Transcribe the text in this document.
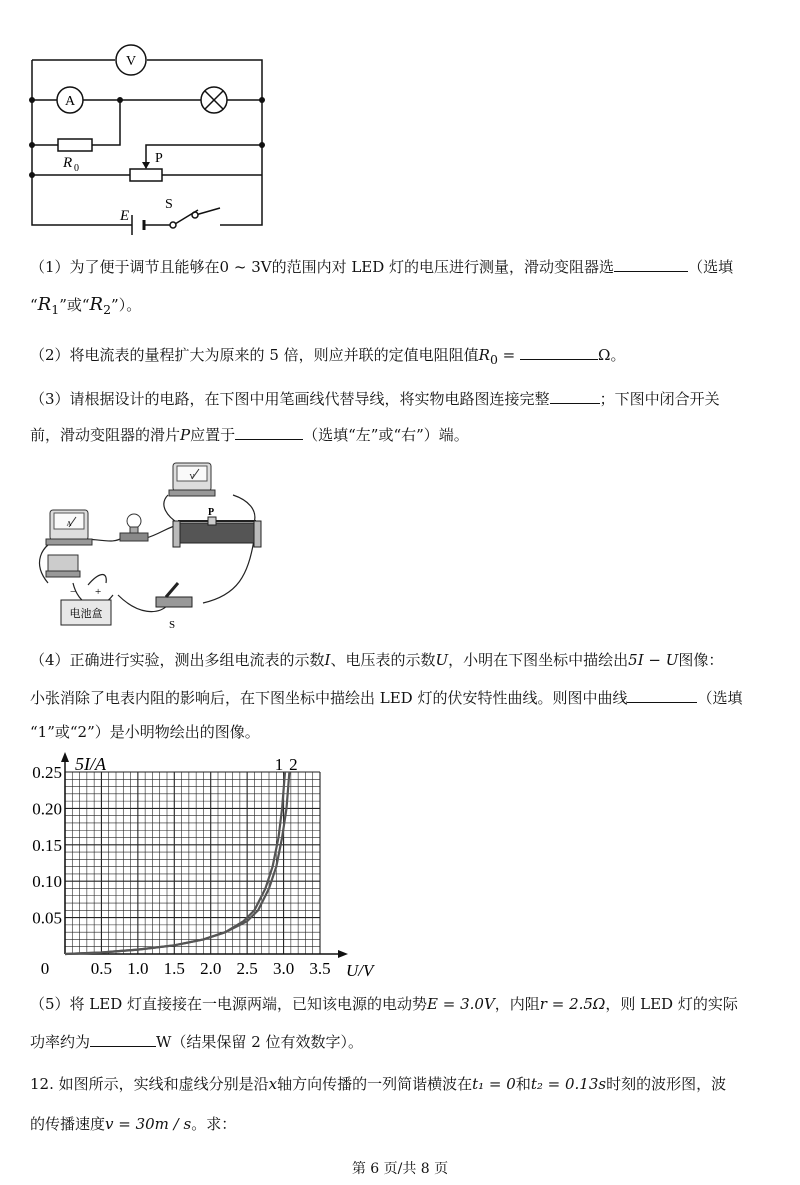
V
A
R 0
P
E
S
（1）为了便于调节且能够在0 ~ 3V的范围内对 LED 灯的电压进行测量，滑动变阻器选	（选填
“$R_1$”或“$R_2$”）。
（2）将电流表的量程扩大为原来的 5 倍，则应并联的定值电阻阻值$R_0$ =	Ω。
（3）请根据设计的电路，在下图中用笔画线代替导线，将实物电路图连接完整	；下图中闭合开关
前，滑动变阻器的滑片P应置于	（选填“左”或“右”）端。
A
V
P
− +
电池盒
S
（4）正确进行实验，测出多组电流表的示数I、电压表的示数U，小明在下图坐标中描绘出5I − U图像：
小张消除了电表内阻的影响后，在下图坐标中描绘出 LED 灯的伏安特性曲线。则图中曲线	（选填
“1”或“2”）是小明物绘出的图像。
0 0.5 1.0 1.5 2.0 2.5 3.0 3.5
0.05
0.10
0.15
0.20
0.25
U/V
5I/A	1 2
（5）将 LED 灯直接接在一电源两端，已知该电源的电动势E = 3.0V，内阻r = 2.5Ω，则 LED 灯的实际
功率约为	W（结果保留 2 位有效数字）。
12. 如图所示，实线和虚线分别是沿x轴方向传播的一列简谐横波在t₁ = 0和t₂ = 0.13s时刻的波形图，波
的传播速度v = 30m / s。求：
第 6 页/共 8 页
